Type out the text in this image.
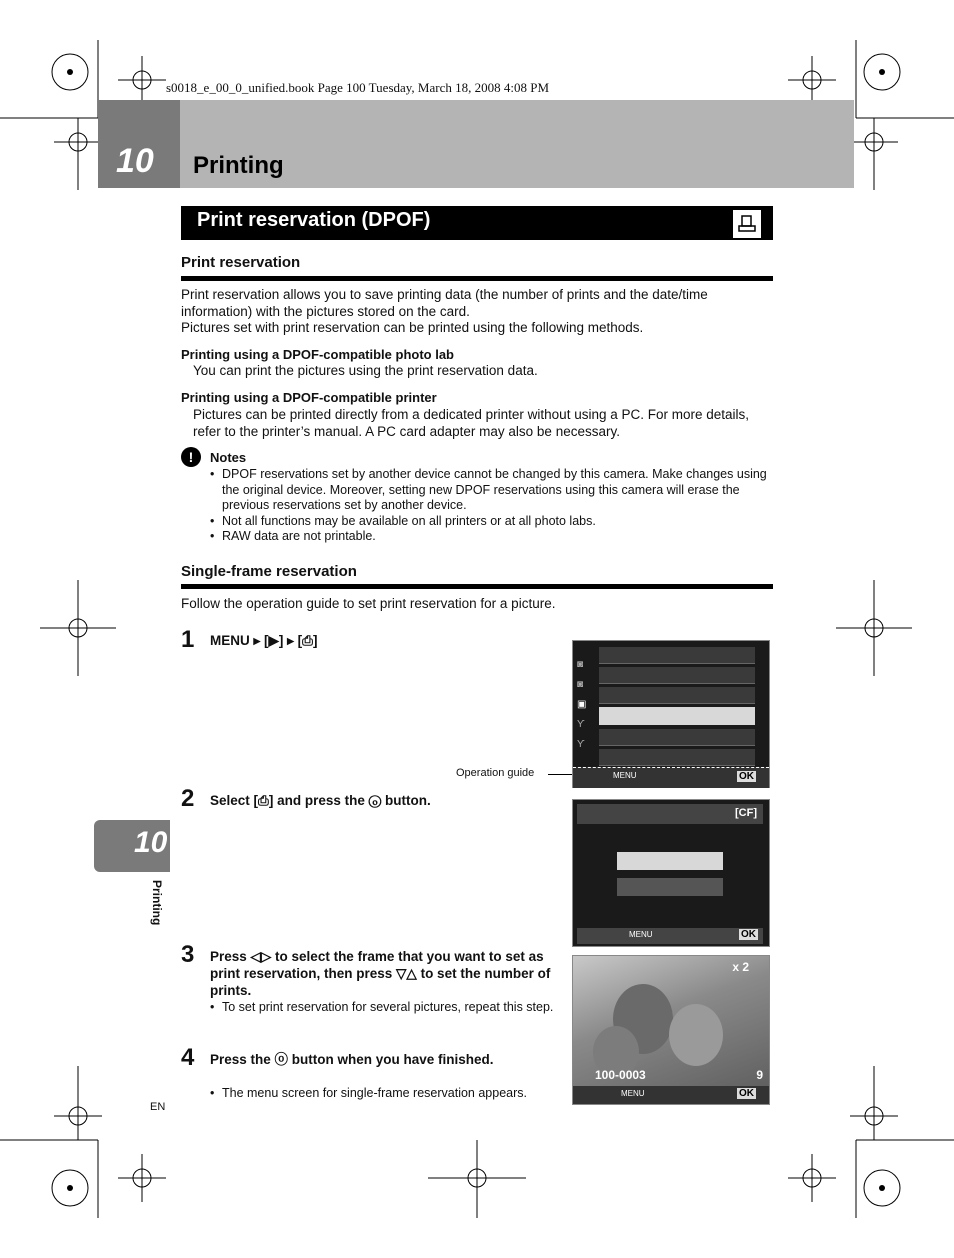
s0018_e_00_0_unified.book Page 100 Tuesday, March 18, 2008 4:08 PM
10 Printing
Print reservation (DPOF)
Print reservation
Print reservation allows you to save printing data (the number of prints and the date/time information) with the pictures stored on the card.
Pictures set with print reservation can be printed using the following methods.
Printing using a DPOF-compatible photo lab
You can print the pictures using the print reservation data.
Printing using a DPOF-compatible printer
Pictures can be printed directly from a dedicated printer without using a PC. For more details, refer to the printer’s manual. A PC card adapter may also be necessary.
!	Notes

• DPOF reservations set by another device cannot be changed by this camera. Make changes using the original device. Moreover, setting new DPOF reservations using this camera will erase the previous reservations set by another device.

• Not all functions may be available on all printers or at all photo labs.

• RAW data are not printable.

Single-frame reservation
Follow the operation guide to set print reservation for a picture.
1 MENU ▸ [▶] ▸ [⎙]
2 Select [⎙] and press the ⓞ button.
3 Press ◁▷ to select the frame that you want to set as print reservation, then press ▽△ to set the number of prints.
• To set print reservation for several pictures, repeat this step.
4 Press the ⓞ button when you have finished.
• The menu screen for single-frame reservation appears.
◙
◙
▣
Ƴ
Ƴ
MENU	OK
Operation guide
[CF]
MENU	OK
x 2
100-0003	9
MENU	OK
10
Printing
EN
